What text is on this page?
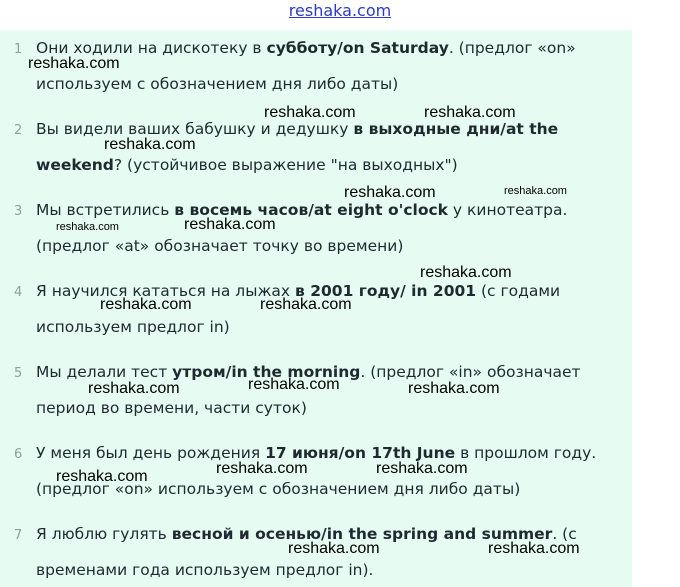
reshaka.com
1 Они ходили на дискотеку в субботу/on Saturday. (предлог «on»
используем с обозначением дня либо даты)
2 Вы видели ваших бабушку и дедушку в выходные дни/at the
weekend? (устойчивое выражение "на выходных")
3 Мы встретились в восемь часов/at eight o'clock у кинотеатра.
(предлог «at» обозначает точку во времени)
4 Я научился кататься на лыжах в 2001 году/ in 2001 (с годами
используем предлог in)
5 Мы делали тест утром/in the morning. (предлог «in» обозначает
период во времени, части суток)
6 У меня был день рождения 17 июня/on 17th June в прошлом году.
(предлог «on» используем с обозначением дня либо даты)
7 Я люблю гулять весной и осенью/in the spring and summer. (с
временами года используем предлог in).
reshaka.com
reshaka.com	reshaka.com
reshaka.com
reshaka.com	reshaka.com
reshaka.com	reshaka.com
reshaka.com
reshaka.com	reshaka.com
reshaka.com
reshaka.com	reshaka.com
reshaka.com	reshaka.com
reshaka.com
reshaka.com	reshaka.com
